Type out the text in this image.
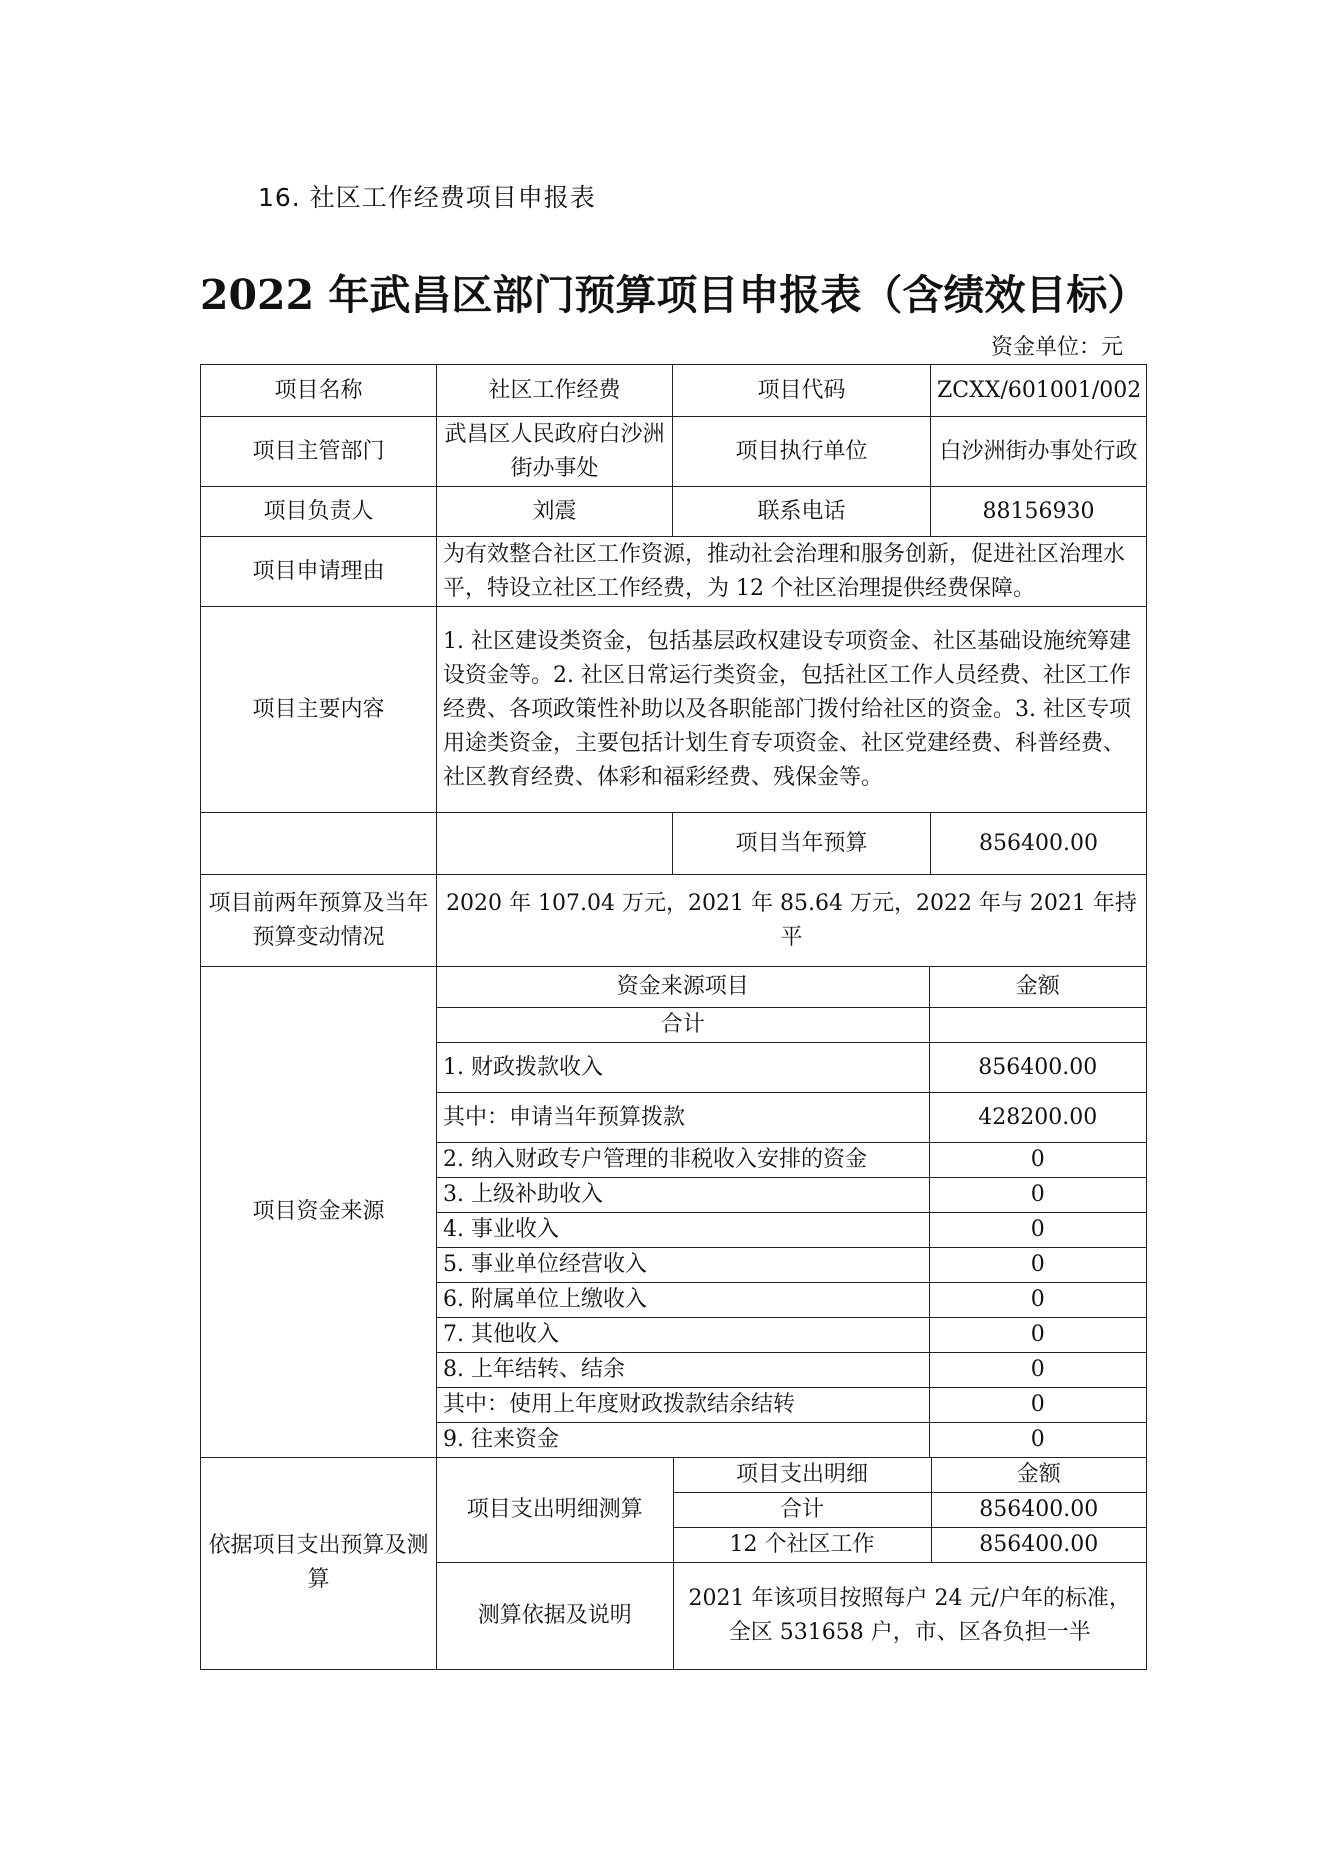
16. 社区工作经费项目申报表
2022 年武昌区部门预算项目申报表（含绩效目标）
资金单位：元
项目名称	社区工作经费	项目代码	ZCXX/601001/002
项目主管部门	武昌区人民政府白沙洲街办事处	项目执行单位	白沙洲街办事处行政
项目负责人	刘震	联系电话	88156930
项目申请理由	为有效整合社区工作资源，推动社会治理和服务创新，促进社区治理水平，特设立社区工作经费，为 12 个社区治理提供经费保障。
项目主要内容	1. 社区建设类资金，包括基层政权建设专项资金、社区基础设施统筹建设资金等。2. 社区日常运行类资金，包括社区工作人员经费、社区工作经费、各项政策性补助以及各职能部门拨付给社区的资金。3. 社区专项用途类资金，主要包括计划生育专项资金、社区党建经费、科普经费、社区教育经费、体彩和福彩经费、残保金等。
		项目当年预算	856400.00
项目前两年预算及当年预算变动情况	2020 年 107.04 万元，2021 年 85.64 万元，2022 年与 2021 年持平
项目资金来源	
资金来源项目	金额
合计	
1. 财政拨款收入	856400.00
其中：申请当年预算拨款	428200.00
2. 纳入财政专户管理的非税收入安排的资金	0
3. 上级补助收入	0
4. 事业收入	0
5. 事业单位经营收入	0
6. 附属单位上缴收入	0
7. 其他收入	0
8. 上年结转、结余	0
其中：使用上年度财政拨款结余结转	0
9. 往来资金	0

依据项目支出预算及测算	
项目支出明细测算	项目支出明细	金额
合计	856400.00
12 个社区工作	856400.00
测算依据及说明	2021 年该项目按照每户 24 元/户年的标准，全区 531658 户，市、区各负担一半
